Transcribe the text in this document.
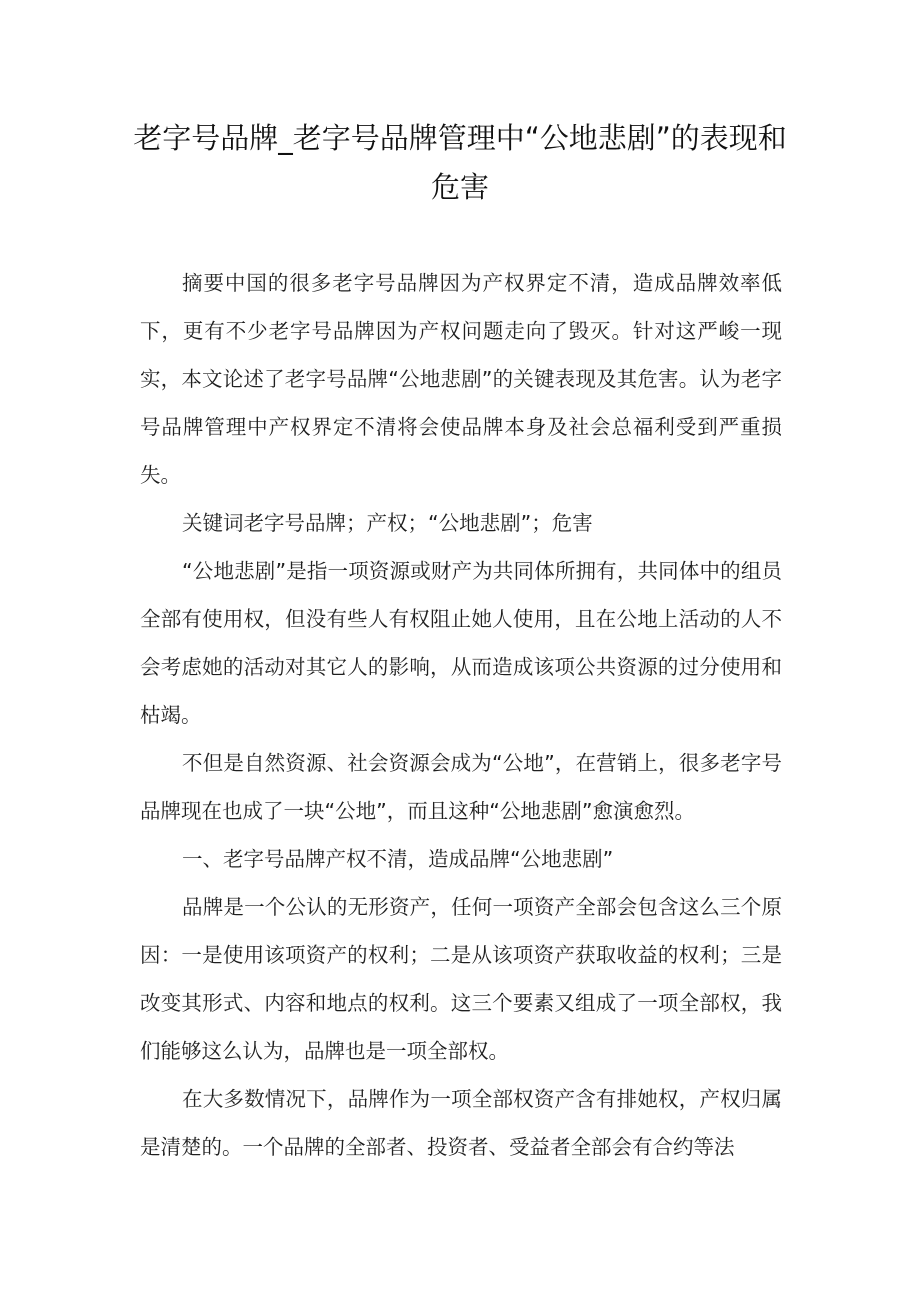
老字号品牌_老字号品牌管理中“公地悲剧”的表现和危害

摘要中国的很多老字号品牌因为产权界定不清，造成品牌效率低下，更有不少老字号品牌因为产权问题走向了毁灭。针对这严峻一现实，本文论述了老字号品牌“公地悲剧”的关键表现及其危害。认为老字号品牌管理中产权界定不清将会使品牌本身及社会总福利受到严重损失。

关键词老字号品牌；产权；“公地悲剧”；危害

“公地悲剧”是指一项资源或财产为共同体所拥有，共同体中的组员全部有使用权，但没有些人有权阻止她人使用，且在公地上活动的人不会考虑她的活动对其它人的影响，从而造成该项公共资源的过分使用和枯竭。

不但是自然资源、社会资源会成为“公地”，在营销上，很多老字号品牌现在也成了一块“公地”，而且这种“公地悲剧”愈演愈烈。

一、老字号品牌产权不清，造成品牌“公地悲剧”

品牌是一个公认的无形资产，任何一项资产全部会包含这么三个原因：一是使用该项资产的权利；二是从该项资产获取收益的权利；三是改变其形式、内容和地点的权利。这三个要素又组成了一项全部权，我们能够这么认为，品牌也是一项全部权。

在大多数情况下，品牌作为一项全部权资产含有排她权，产权归属是清楚的。一个品牌的全部者、投资者、受益者全部会有合约等法
